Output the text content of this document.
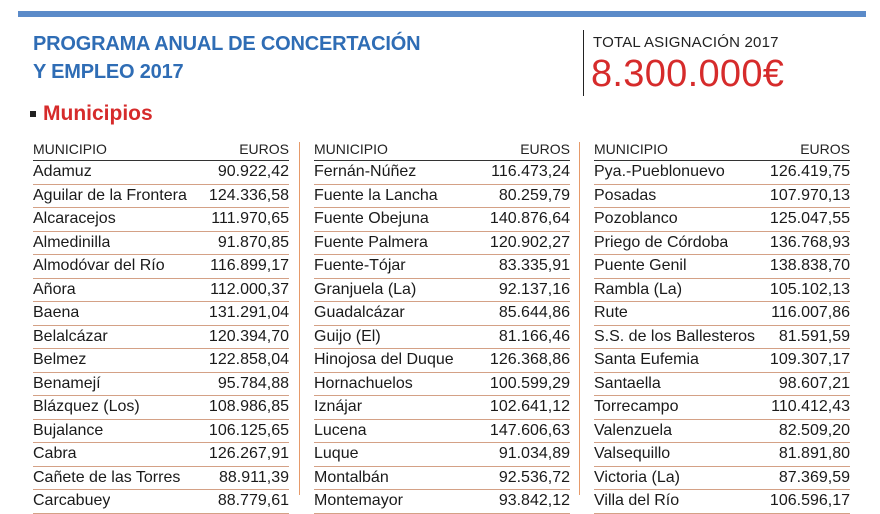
PROGRAMA ANUAL DE CONCERTACIÓN
Y EMPLEO 2017
TOTAL ASIGNACIÓN 2017
8.300.000€
Municipios
MUNICIPIO	EUROS
Adamuz	90.922,42
Aguilar de la Frontera 124.336,58
Alcaracejos	111.970,65
Almedinilla	91.870,85
Almodóvar del Río	116.899,17
Añora	112.000,37
Baena	131.291,04
Belalcázar	120.394,70
Belmez	122.858,04
Benamejí	95.784,88
Blázquez (Los)	108.986,85
Bujalance	106.125,65
Cabra	126.267,91
Cañete de las Torres 88.911,39
Carcabuey	88.779,61
MUNICIPIO	EUROS
Fernán-Núñez	116.473,24
Fuente la Lancha	80.259,79
Fuente Obejuna	140.876,64
Fuente Palmera	120.902,27
Fuente-Tójar	83.335,91
Granjuela (La)	92.137,16
Guadalcázar	85.644,86
Guijo (El)	81.166,46
Hinojosa del Duque 126.368,86
Hornachuelos	100.599,29
Iznájar	102.641,12
Lucena	147.606,63
Luque	91.034,89
Montalbán	92.536,72
Montemayor	93.842,12
MUNICIPIO	EUROS
Pya.-Pueblonuevo	126.419,75
Posadas	107.970,13
Pozoblanco	125.047,55
Priego de Córdoba	136.768,93
Puente Genil	138.838,70
Rambla (La)	105.102,13
Rute	116.007,86
S.S. de los Ballesteros 81.591,59
Santa Eufemia	109.307,17
Santaella	98.607,21
Torrecampo	110.412,43
Valenzuela	82.509,20
Valsequillo	81.891,80
Victoria (La)	87.369,59
Villa del Río	106.596,17
